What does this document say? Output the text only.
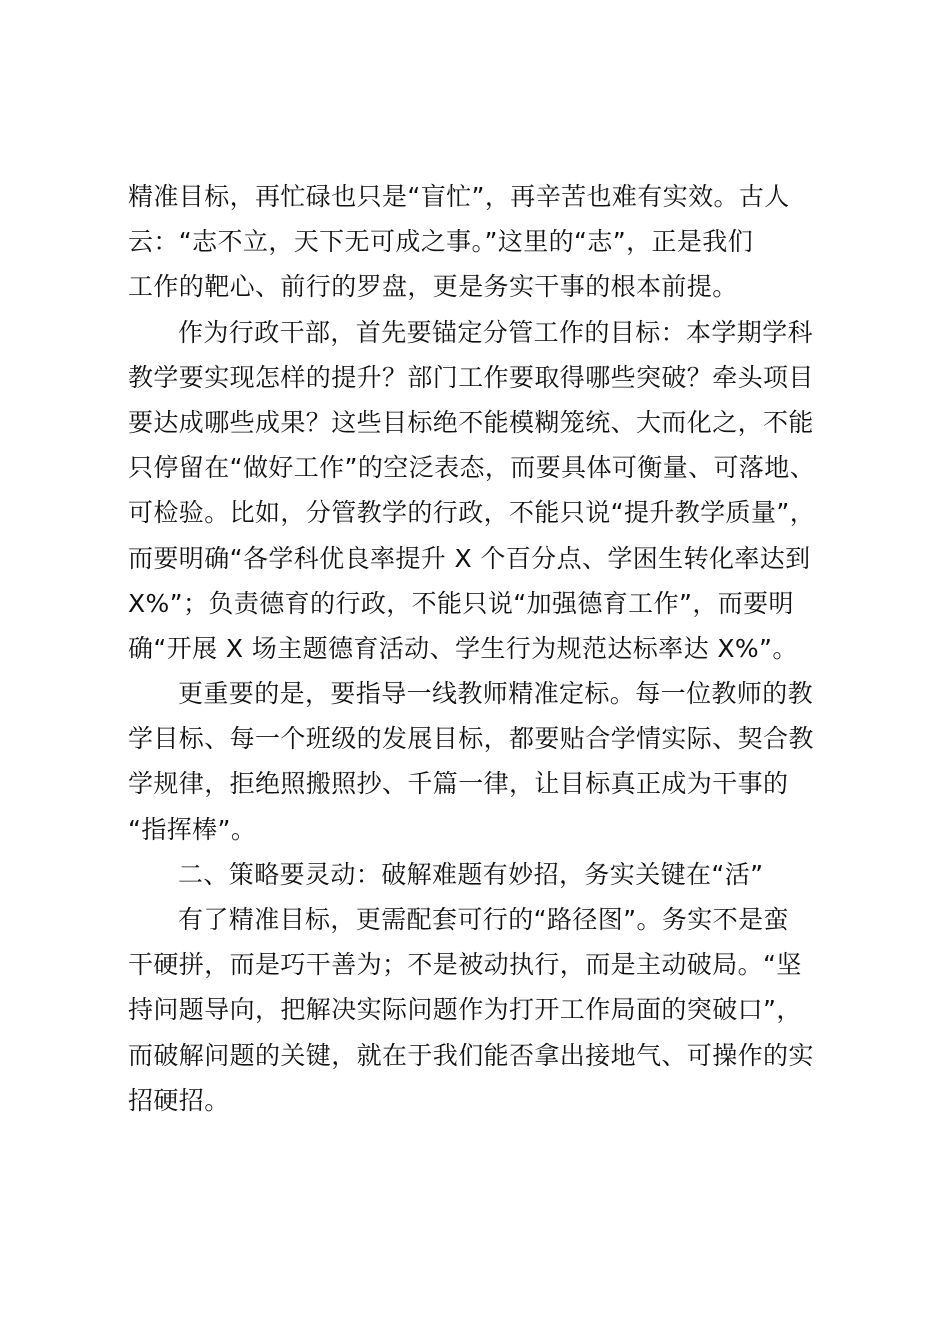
精准目标，再忙碌也只是“盲忙”，再辛苦也难有实效。古人
云：“志不立，天下无可成之事。”这里的“志”，正是我们
工作的靶心、前行的罗盘，更是务实干事的根本前提。
作为行政干部，首先要锚定分管工作的目标：本学期学科
教学要实现怎样的提升？部门工作要取得哪些突破？牵头项目
要达成哪些成果？这些目标绝不能模糊笼统、大而化之，不能
只停留在“做好工作”的空泛表态，而要具体可衡量、可落地、
可检验。比如，分管教学的行政，不能只说“提升教学质量”，
而要明确“各学科优良率提升 X 个百分点、学困生转化率达到
X%”；负责德育的行政，不能只说“加强德育工作”，而要明
确“开展 X 场主题德育活动、学生行为规范达标率达 X%”。
更重要的是，要指导一线教师精准定标。每一位教师的教
学目标、每一个班级的发展目标，都要贴合学情实际、契合教
学规律，拒绝照搬照抄、千篇一律，让目标真正成为干事的
“指挥棒”。
二、策略要灵动：破解难题有妙招，务实关键在“活”
有了精准目标，更需配套可行的“路径图”。务实不是蛮
干硬拼，而是巧干善为；不是被动执行，而是主动破局。“坚
持问题导向，把解决实际问题作为打开工作局面的突破口”，
而破解问题的关键，就在于我们能否拿出接地气、可操作的实
招硬招。
